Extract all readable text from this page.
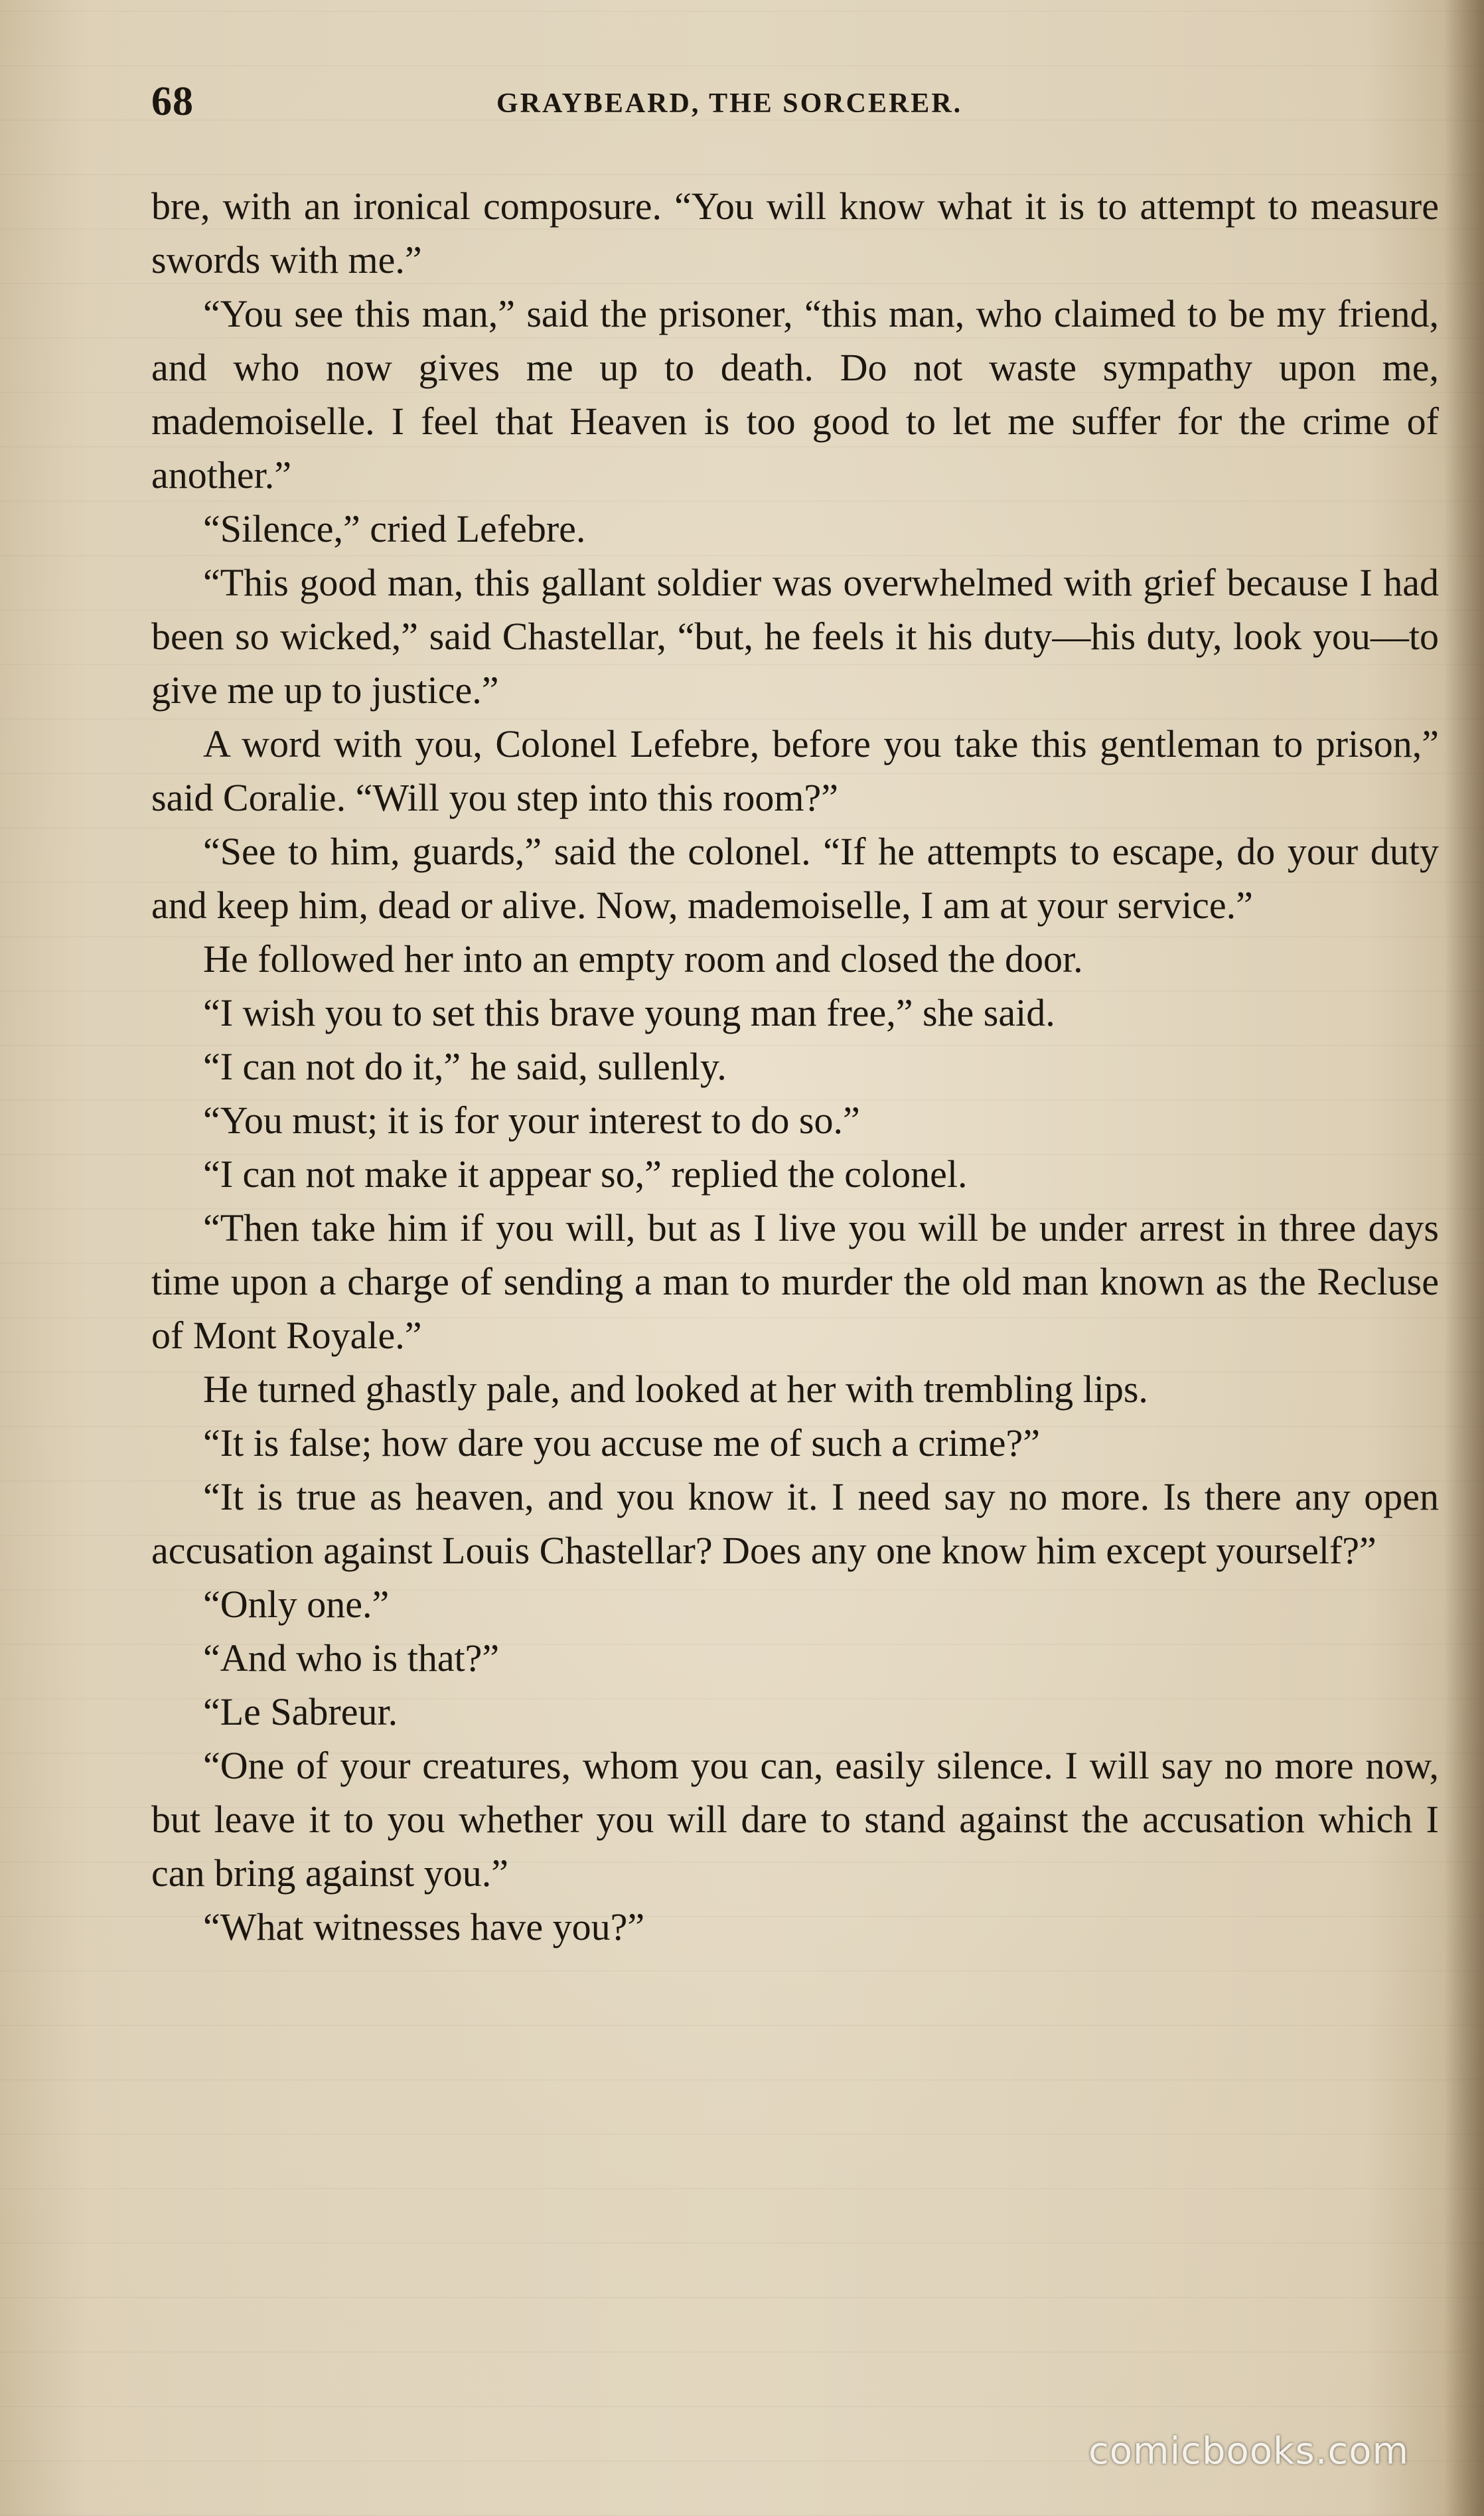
68	GRAYBEARD, THE SORCERER.

bre, with an ironical composure. “You will know what it is to attempt to measure swords with me.”

“You see this man,” said the prisoner, “this man, who claimed to be my friend, and who now gives me up to death. Do not waste sympathy upon me, mademoiselle. I feel that Heaven is too good to let me suffer for the crime of another.”

“Silence,” cried Lefebre.

“This good man, this gallant soldier was overwhelmed with grief because I had been so wicked,” said Chastellar, “but, he feels it his duty—his duty, look you—to give me up to justice.”

A word with you, Colonel Lefebre, before you take this gentleman to prison,” said Coralie. “Will you step into this room?”

“See to him, guards,” said the colonel. “If he attempts to escape, do your duty and keep him, dead or alive. Now, mademoiselle, I am at your service.”

He followed her into an empty room and closed the door.

“I wish you to set this brave young man free,” she said.

“I can not do it,” he said, sullenly.

“You must; it is for your interest to do so.”

“I can not make it appear so,” replied the colonel.

“Then take him if you will, but as I live you will be under arrest in three days time upon a charge of sending a man to murder the old man known as the Recluse of Mont Royale.”

He turned ghastly pale, and looked at her with trembling lips.

“It is false; how dare you accuse me of such a crime?”

“It is true as heaven, and you know it. I need say no more. Is there any open accusation against Louis Chastellar? Does any one know him except yourself?”

“Only one.”

“And who is that?”

“Le Sabreur.

“One of your creatures, whom you can, easily silence. I will say no more now, but leave it to you whether you will dare to stand against the accusation which I can bring against you.”

“What witnesses have you?”

comicbooks.com
